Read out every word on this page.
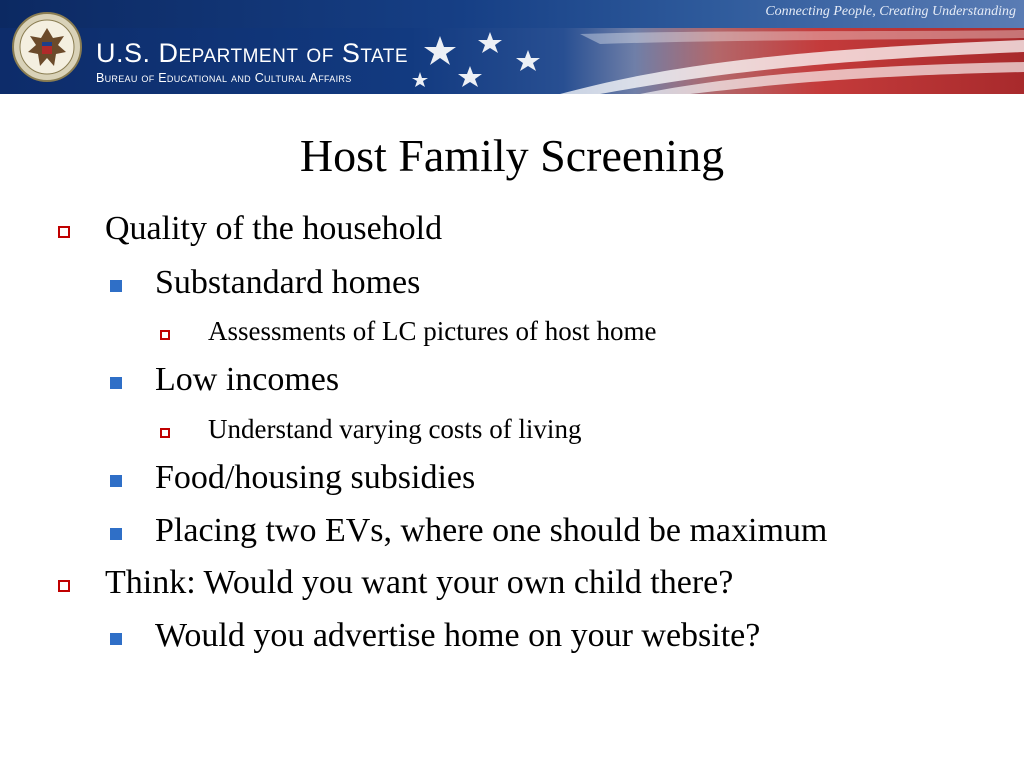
Connecting People, Creating Understanding
U.S. Department of State
Bureau of Educational and Cultural Affairs
Host Family Screening
Quality of the household
Substandard homes
Assessments of LC pictures of host home
Low incomes
Understand varying costs of living
Food/housing subsidies
Placing two EVs, where one should be maximum
Think: Would you want your own child there?
Would you advertise home on your website?
